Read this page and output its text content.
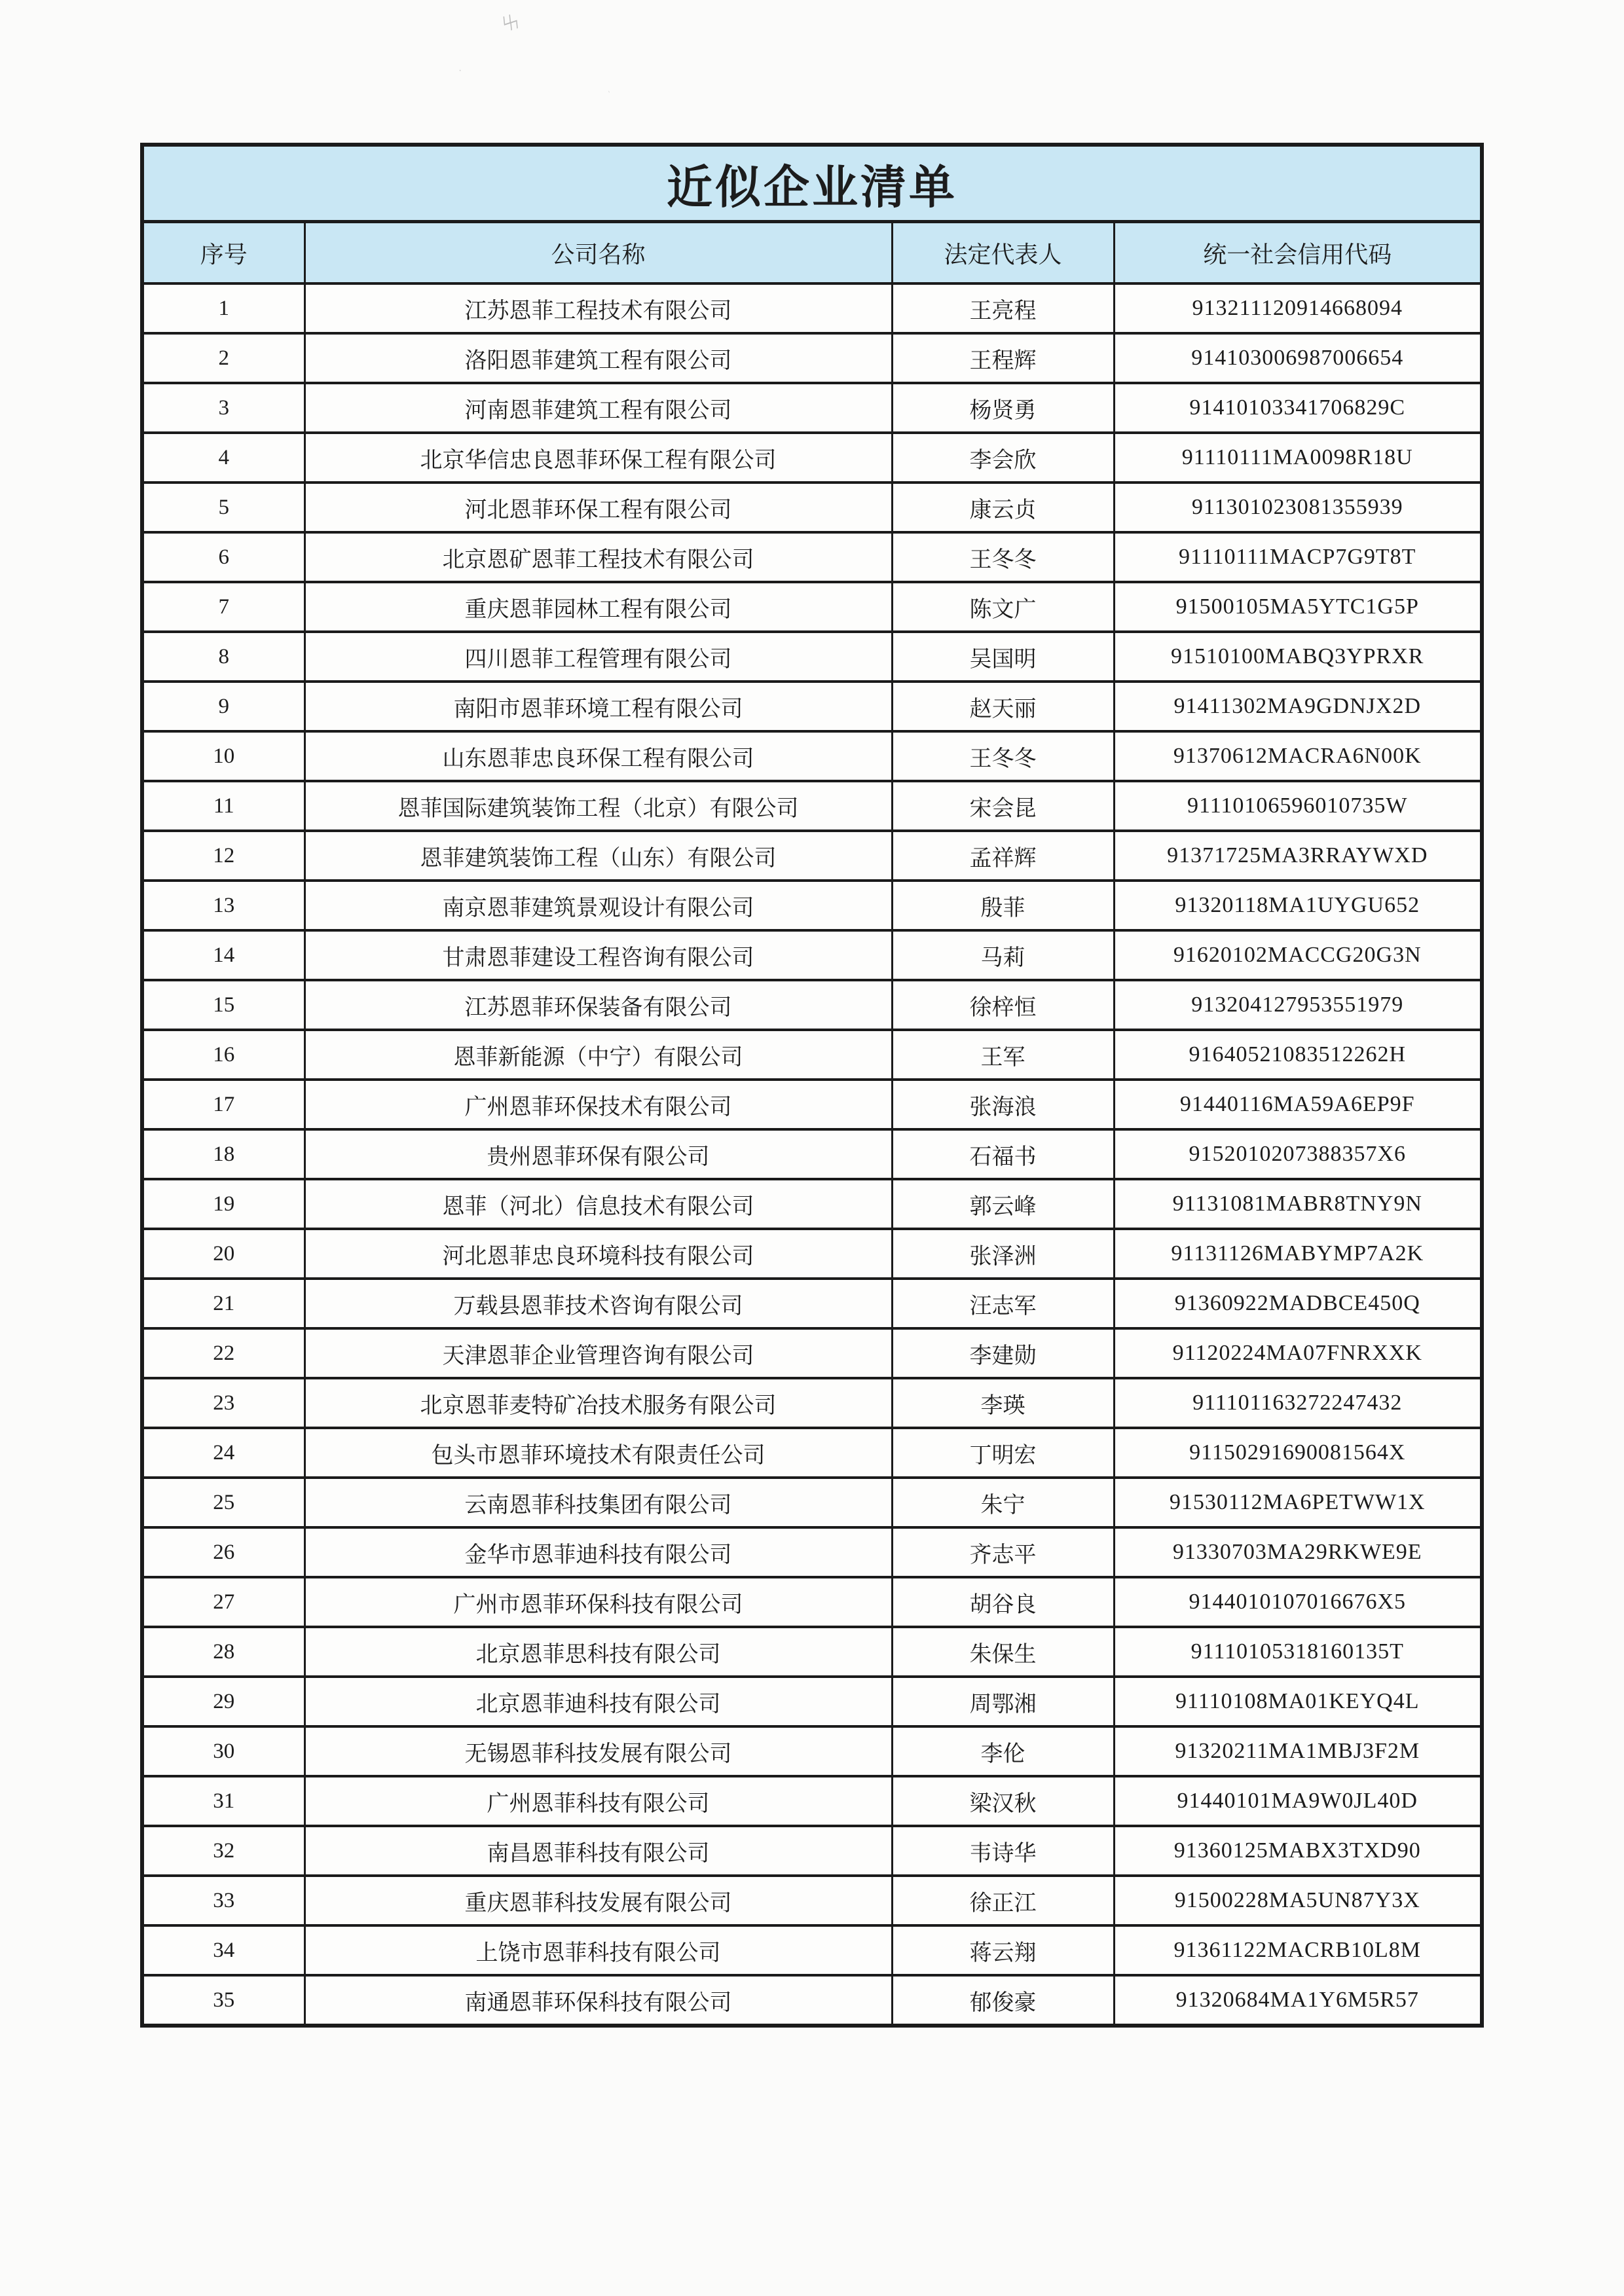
ϟϟ
·
ˎ
近似企业清单			
序号	公司名称	法定代表人	统一社会信用代码
1	江苏恩菲工程技术有限公司	王亮程	913211120914668094
2	洛阳恩菲建筑工程有限公司	王程辉	914103006987006654
3	河南恩菲建筑工程有限公司	杨贤勇	91410103341706829C
4	北京华信忠良恩菲环保工程有限公司	李会欣	91110111MA0098R18U
5	河北恩菲环保工程有限公司	康云贞	911301023081355939
6	北京恩矿恩菲工程技术有限公司	王冬冬	91110111MACP7G9T8T
7	重庆恩菲园林工程有限公司	陈文广	91500105MA5YTC1G5P
8	四川恩菲工程管理有限公司	吴国明	91510100MABQ3YPRXR
9	南阳市恩菲环境工程有限公司	赵天丽	91411302MA9GDNJX2D
10	山东恩菲忠良环保工程有限公司	王冬冬	91370612MACRA6N00K
11	恩菲国际建筑装饰工程（北京）有限公司	宋会昆	91110106596010735W
12	恩菲建筑装饰工程（山东）有限公司	孟祥辉	91371725MA3RRAYWXD
13	南京恩菲建筑景观设计有限公司	殷菲	91320118MA1UYGU652
14	甘肃恩菲建设工程咨询有限公司	马莉	91620102MACCG20G3N
15	江苏恩菲环保装备有限公司	徐梓恒	913204127953551979
16	恩菲新能源（中宁）有限公司	王军	91640521083512262H
17	广州恩菲环保技术有限公司	张海浪	91440116MA59A6EP9F
18	贵州恩菲环保有限公司	石福书	9152010207388357X6
19	恩菲（河北）信息技术有限公司	郭云峰	91131081MABR8TNY9N
20	河北恩菲忠良环境科技有限公司	张泽洲	91131126MABYMP7A2K
21	万载县恩菲技术咨询有限公司	汪志军	91360922MADBCE450Q
22	天津恩菲企业管理咨询有限公司	李建勋	91120224MA07FNRXXK
23	北京恩菲麦特矿冶技术服务有限公司	李瑛	911101163272247432
24	包头市恩菲环境技术有限责任公司	丁明宏	91150291690081564X
25	云南恩菲科技集团有限公司	朱宁	91530112MA6PETWW1X
26	金华市恩菲迪科技有限公司	齐志平	91330703MA29RKWE9E
27	广州市恩菲环保科技有限公司	胡谷良	9144010107016676X5
28	北京恩菲思科技有限公司	朱保生	91110105318160135T
29	北京恩菲迪科技有限公司	周鄂湘	91110108MA01KEYQ4L
30	无锡恩菲科技发展有限公司	李伦	91320211MA1MBJ3F2M
31	广州恩菲科技有限公司	梁汉秋	91440101MA9W0JL40D
32	南昌恩菲科技有限公司	韦诗华	91360125MABX3TXD90
33	重庆恩菲科技发展有限公司	徐正江	91500228MA5UN87Y3X
34	上饶市恩菲科技有限公司	蒋云翔	91361122MACRB10L8M
35	南通恩菲环保科技有限公司	郁俊豪	91320684MA1Y6M5R57
